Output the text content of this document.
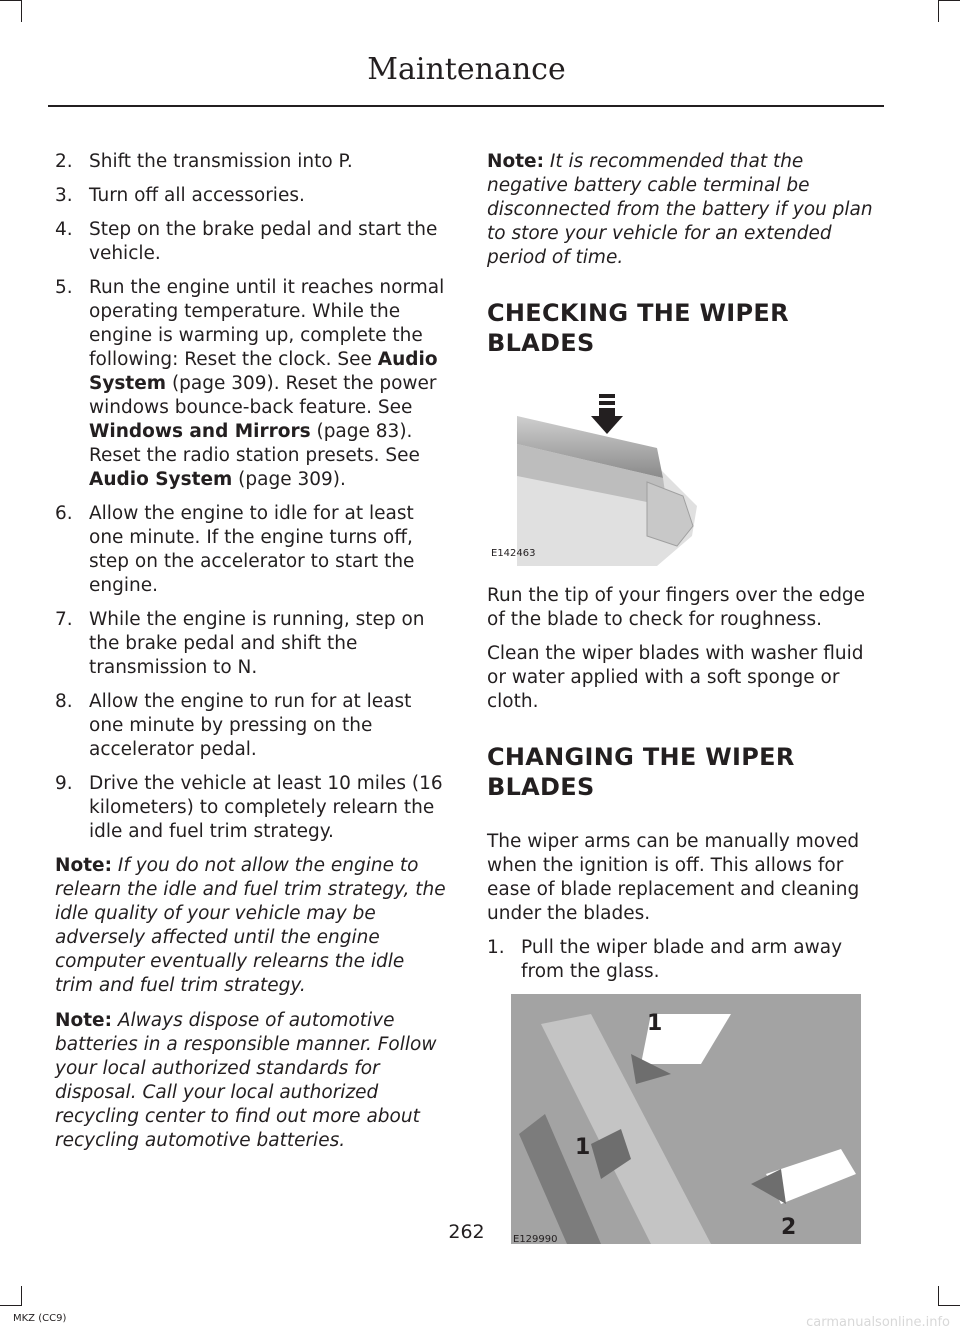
Maintenance
2. Shift the transmission into P.
3. Turn off all accessories.
4. Step on the brake pedal and start the vehicle.
5. Run the engine until it reaches normal operating temperature. While the engine is warming up, complete the following: Reset the clock. See Audio System (page 309). Reset the power windows bounce-back feature. See Windows and Mirrors (page 83). Reset the radio station presets. See Audio System (page 309).
6. Allow the engine to idle for at least one minute. If the engine turns off, step on the accelerator to start the engine.
7. While the engine is running, step on the brake pedal and shift the transmission to N.
8. Allow the engine to run for at least one minute by pressing on the accelerator pedal.
9. Drive the vehicle at least 10 miles (16 kilometers) to completely relearn the idle and fuel trim strategy.
Note: If you do not allow the engine to relearn the idle and fuel trim strategy, the idle quality of your vehicle may be adversely affected until the engine computer eventually relearns the idle trim and fuel trim strategy.
Note: Always dispose of automotive batteries in a responsible manner. Follow your local authorized standards for disposal. Call your local authorized recycling center to find out more about recycling automotive batteries.
Note: It is recommended that the negative battery cable terminal be disconnected from the battery if you plan to store your vehicle for an extended period of time.
CHECKING THE WIPER BLADES
E142463

Run the tip of your fingers over the edge of the blade to check for roughness.

Clean the wiper blades with washer fluid or water applied with a soft sponge or cloth.

CHANGING THE WIPER BLADES

The wiper arms can be manually moved when the ignition is off. This allows for ease of blade replacement and cleaning under the blades.

1. Pull the wiper blade and arm away from the glass.
1
1
2
E129990
262
MKZ (CC9)	carmanualsonline.info
